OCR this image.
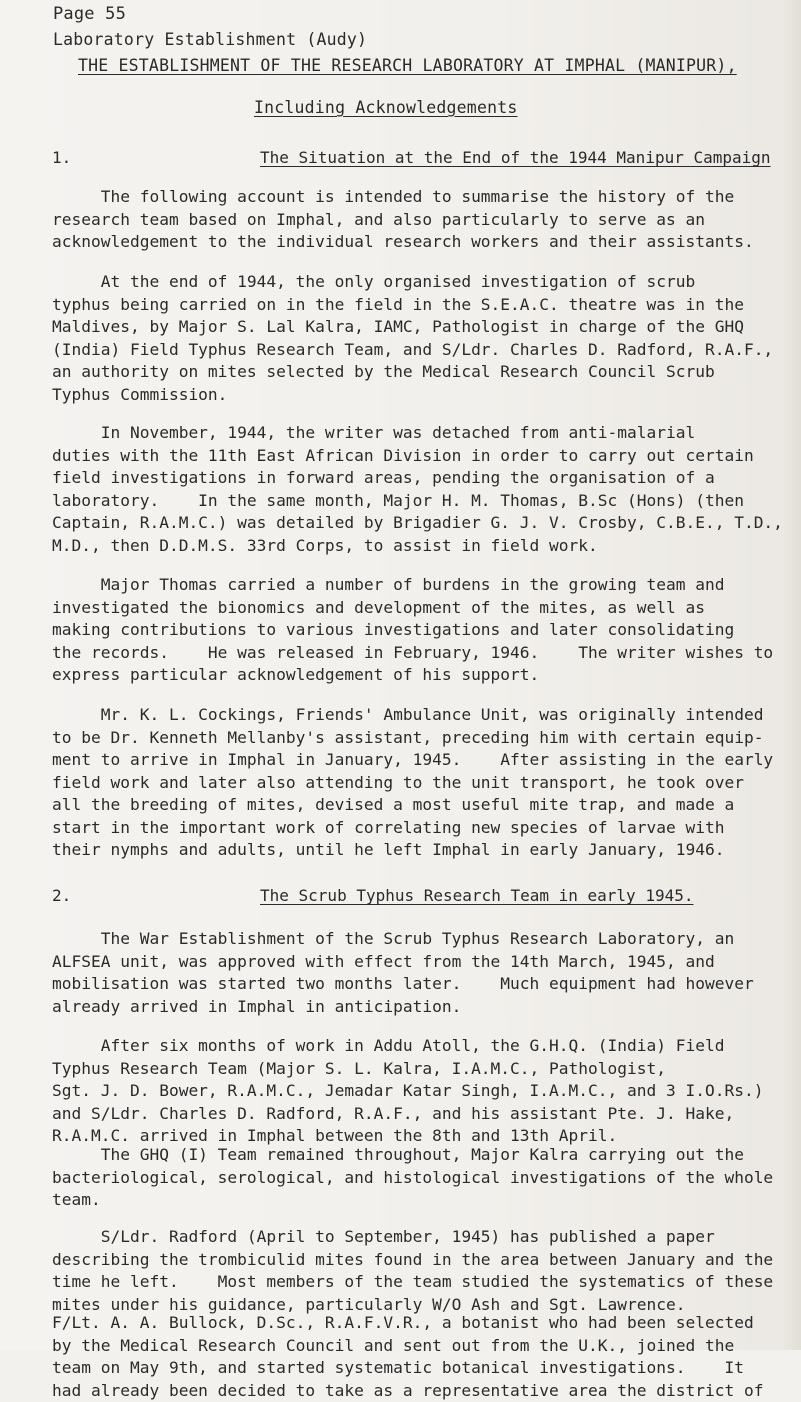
Page 55
Laboratory Establishment (Audy)
THE ESTABLISHMENT OF THE RESEARCH LABORATORY AT IMPHAL (MANIPUR),
Including Acknowledgements

1.

	The Situation at the End of the 1944 Manipur Campaign

The following account is intended to summarise the history of the
research team based on Imphal, and also particularly to serve as an
acknowledgement to the individual research workers and their assistants.
At the end of 1944, the only organised investigation of scrub
typhus being carried on in the field in the S.E.A.C. theatre was in the
Maldives, by Major S. Lal Kalra, IAMC, Pathologist in charge of the GHQ
(India) Field Typhus Research Team, and S/Ldr. Charles D. Radford, R.A.F.,
an authority on mites selected by the Medical Research Council Scrub
Typhus Commission.
In November, 1944, the writer was detached from anti-malarial
duties with the 11th East African Division in order to carry out certain
field investigations in forward areas, pending the organisation of a
laboratory.    In the same month, Major H. M. Thomas, B.Sc (Hons) (then
Captain, R.A.M.C.) was detailed by Brigadier G. J. V. Crosby, C.B.E., T.D.,
M.D., then D.D.M.S. 33rd Corps, to assist in field work.
Major Thomas carried a number of burdens in the growing team and
investigated the bionomics and development of the mites, as well as
making contributions to various investigations and later consolidating
the records.    He was released in February, 1946.    The writer wishes to
express particular acknowledgement of his support.
Mr. K. L. Cockings, Friends' Ambulance Unit, was originally intended
to be Dr. Kenneth Mellanby's assistant, preceding him with certain equip-
ment to arrive in Imphal in January, 1945.    After assisting in the early
field work and later also attending to the unit transport, he took over
all the breeding of mites, devised a most useful mite trap, and made a
start in the important work of correlating new species of larvae with
their nymphs and adults, until he left Imphal in early January, 1946.

2.

	The Scrub Typhus Research Team in early 1945.

The War Establishment of the Scrub Typhus Research Laboratory, an
ALFSEA unit, was approved with effect from the 14th March, 1945, and
mobilisation was started two months later.    Much equipment had however
already arrived in Imphal in anticipation.
After six months of work in Addu Atoll, the G.H.Q. (India) Field
Typhus Research Team (Major S. L. Kalra, I.A.M.C., Pathologist,
Sgt. J. D. Bower, R.A.M.C., Jemadar Katar Singh, I.A.M.C., and 3 I.O.Rs.)
and S/Ldr. Charles D. Radford, R.A.F., and his assistant Pte. J. Hake,
R.A.M.C. arrived in Imphal between the 8th and 13th April.
The GHQ (I) Team remained throughout, Major Kalra carrying out the
bacteriological, serological, and histological investigations of the whole
team.
S/Ldr. Radford (April to September, 1945) has published a paper
describing the trombiculid mites found in the area between January and the
time he left.    Most members of the team studied the systematics of these
mites under his guidance, particularly W/O Ash and Sgt. Lawrence.
F/Lt. A. A. Bullock, D.Sc., R.A.F.V.R., a botanist who had been selected
by the Medical Research Council and sent out from the U.K., joined the
team on May 9th, and started systematic botanical investigations.    It
had already been decided to take as a representative area the district of
